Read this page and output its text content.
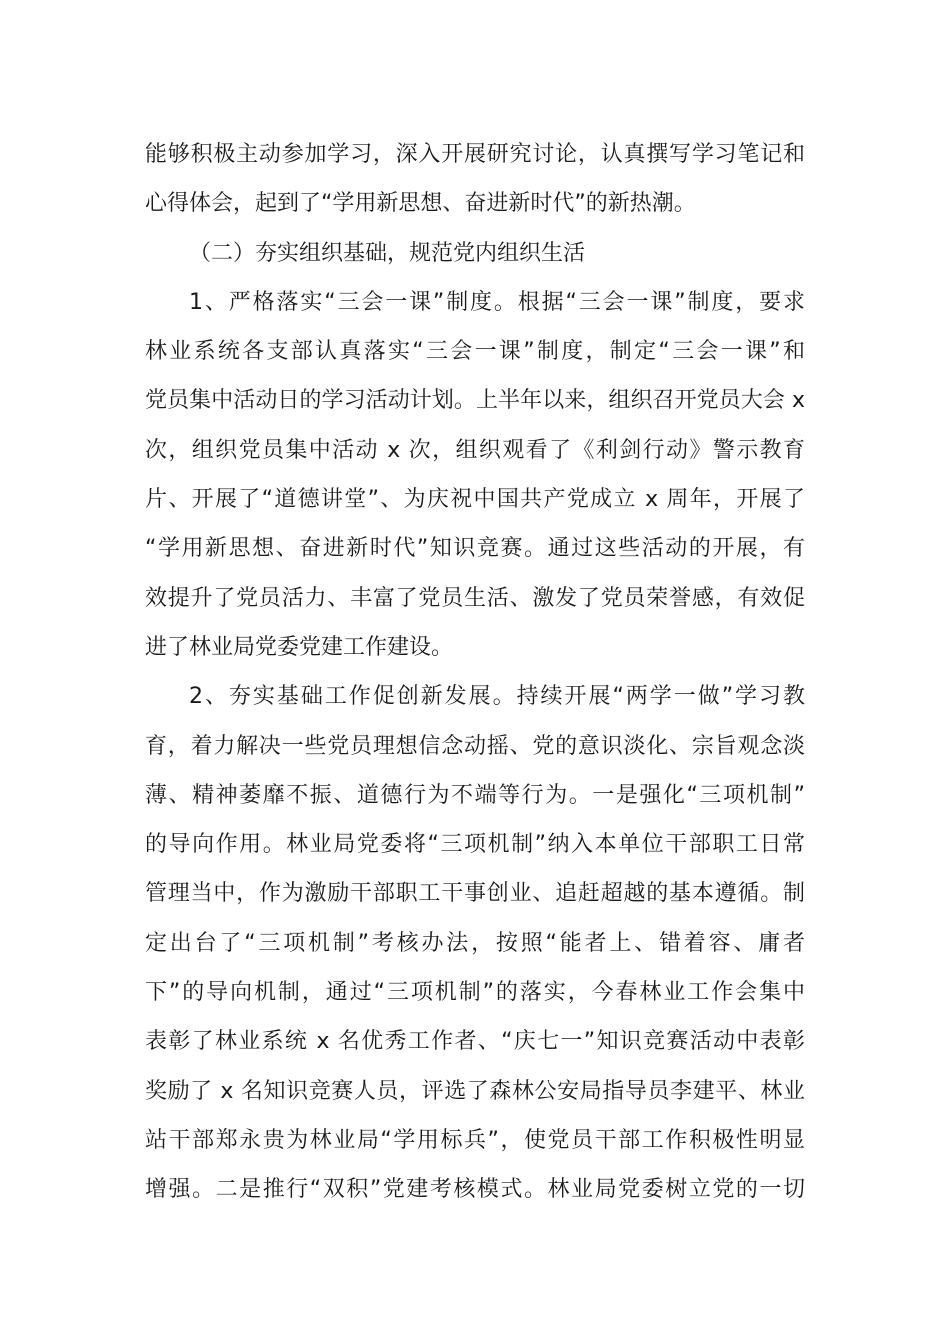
能够积极主动参加学习，深入开展研究讨论，认真撰写学习笔记和
心得体会，起到了“学用新思想、奋进新时代”的新热潮。
（二）夯实组织基础，规范党内组织生活
1、严格落实“三会一课”制度。根据“三会一课”制度，要求
林业系统各支部认真落实“三会一课”制度，制定“三会一课”和
党员集中活动日的学习活动计划。上半年以来，组织召开党员大会 x
次，组织党员集中活动 x 次，组织观看了《利剑行动》警示教育
片、开展了“道德讲堂”、为庆祝中国共产党成立 x 周年，开展了
“学用新思想、奋进新时代”知识竞赛。通过这些活动的开展，有
效提升了党员活力、丰富了党员生活、激发了党员荣誉感，有效促
进了林业局党委党建工作建设。
2、夯实基础工作促创新发展。持续开展“两学一做”学习教
育，着力解决一些党员理想信念动摇、党的意识淡化、宗旨观念淡
薄、精神萎靡不振、道德行为不端等行为。一是强化“三项机制”
的导向作用。林业局党委将“三项机制”纳入本单位干部职工日常
管理当中，作为激励干部职工干事创业、追赶超越的基本遵循。制
定出台了“三项机制”考核办法，按照“能者上、错着容、庸者
下”的导向机制，通过“三项机制”的落实，今春林业工作会集中
表彰了林业系统 x 名优秀工作者、“庆七一”知识竞赛活动中表彰
奖励了 x 名知识竞赛人员，评选了森林公安局指导员李建平、林业
站干部郑永贵为林业局“学用标兵”，使党员干部工作积极性明显
增强。二是推行“双积”党建考核模式。林业局党委树立党的一切
